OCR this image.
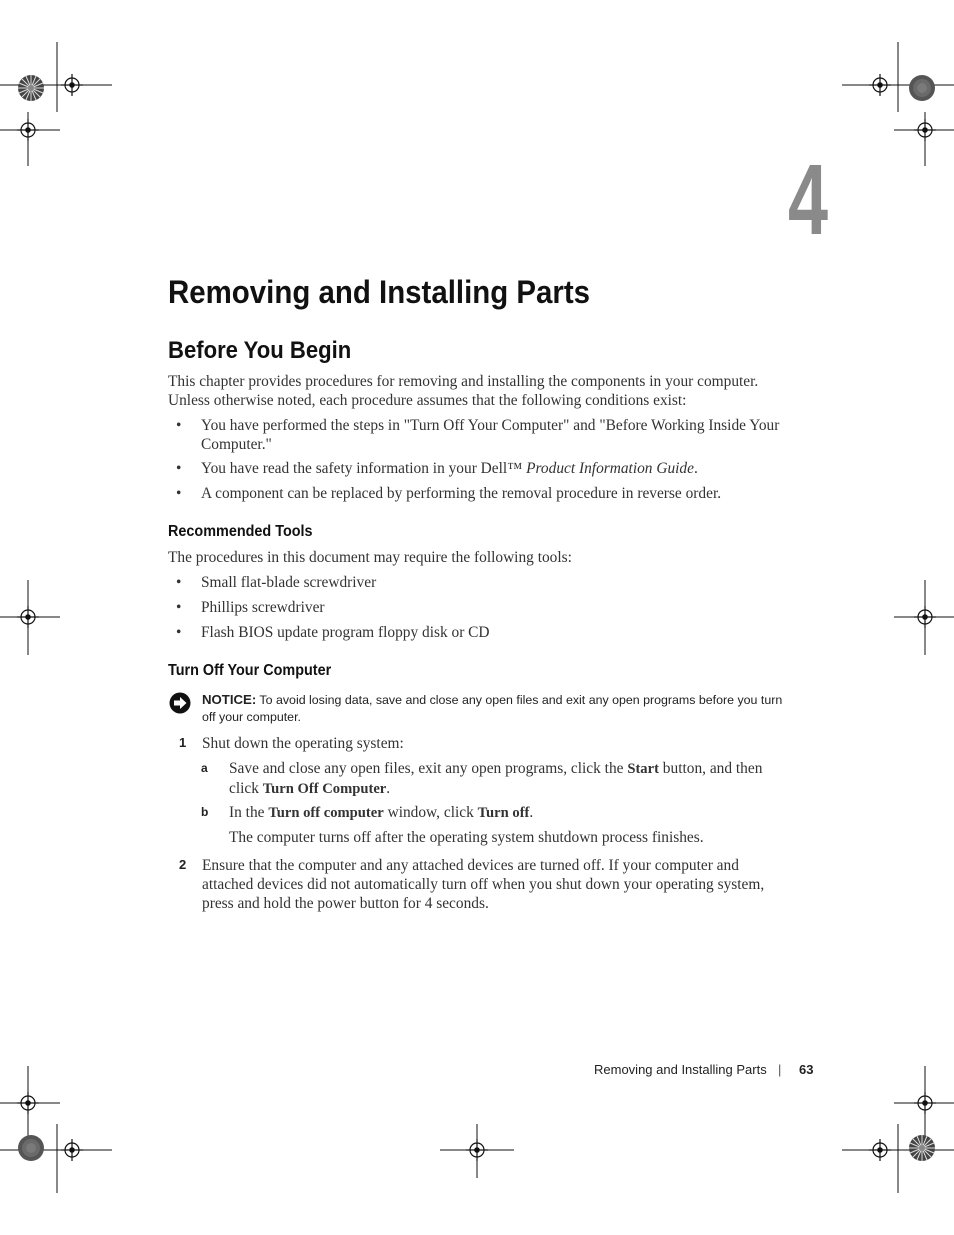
4
Removing and Installing Parts
Before You Begin

This chapter provides procedures for removing and installing the components in your computer. Unless otherwise noted, each procedure assumes that the following conditions exist:

• You have performed the steps in "Turn Off Your Computer" and "Before Working Inside Your Computer."
• You have read the safety information in your Dell™ Product Information Guide.
• A component can be replaced by performing the removal procedure in reverse order.
Recommended Tools

The procedures in this document may require the following tools:

• Small flat-blade screwdriver
• Phillips screwdriver
• Flash BIOS update program floppy disk or CD
Turn Off Your Computer
NOTICE: To avoid losing data, save and close any open files and exit any open programs before you turn off your computer.
1 Shut down the operating system:
a Save and close any open files, exit any open programs, click the Start button, and then click Turn Off Computer.
b In the Turn off computer window, click Turn off.

The computer turns off after the operating system shutdown process finishes.

2 Ensure that the computer and any attached devices are turned off. If your computer and attached devices did not automatically turn off when you shut down your operating system, press and hold the power button for 4 seconds.
Removing and Installing Parts | 63
